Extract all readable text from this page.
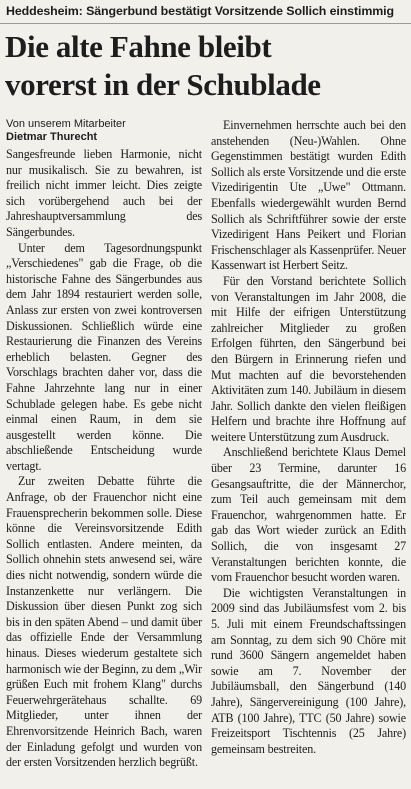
Heddesheim: Sängerbund bestätigt Vorsitzende Sollich einstimmig
Die alte Fahne bleibt
vorerst in der Schublade
Von unserem Mitarbeiter
Dietmar Thurecht

Sangesfreunde lieben Harmonie, nicht nur musikalisch. Sie zu bewahren, ist freilich nicht immer leicht. Dies zeigte sich vorübergehend auch bei der Jahreshauptversammlung des Sängerbundes.

Unter dem Tagesordnungspunkt „Verschiedenes" gab die Frage, ob die historische Fahne des Sängerbundes aus dem Jahr 1894 restauriert werden solle, Anlass zur ersten von zwei kontroversen Diskussionen. Schließlich würde eine Restaurierung die Finanzen des Vereins erheblich belasten. Gegner des Vorschlags brachten daher vor, dass die Fahne Jahrzehnte lang nur in einer Schublade gelegen habe. Es gebe nicht einmal einen Raum, in dem sie ausgestellt werden könne. Die abschließende Entscheidung wurde vertagt.

Zur zweiten Debatte führte die Anfrage, ob der Frauenchor nicht eine Frauensprecherin bekommen solle. Diese könne die Vereinsvorsitzende Edith Sollich entlasten. Andere meinten, da Sollich ohnehin stets anwesend sei, wäre dies nicht notwendig, sondern würde die Instanzenkette nur verlängern. Die Diskussion über diesen Punkt zog sich bis in den späten Abend – und damit über das offizielle Ende der Versammlung hinaus. Dieses wiederum gestaltete sich harmonisch wie der Beginn, zu dem „Wir grüßen Euch mit frohem Klang" durchs Feuerwehrgerätehaus schallte. 69 Mitglieder, unter ihnen der Ehrenvorsitzende Heinrich Bach, waren der Einladung gefolgt und wurden von der ersten Vorsitzenden herzlich begrüßt.

Einvernehmen herrschte auch bei den anstehenden (Neu-)Wahlen. Ohne Gegenstimmen bestätigt wurden Edith Sollich als erste Vorsitzende und die erste Vizedirigentin Ute „Uwe" Ottmann. Ebenfalls wiedergewählt wurden Bernd Sollich als Schriftführer sowie der erste Vizedirigent Hans Peikert und Florian Frischenschlager als Kassenprüfer. Neuer Kassenwart ist Herbert Seitz.

Für den Vorstand berichtete Sollich von Veranstaltungen im Jahr 2008, die mit Hilfe der eifrigen Unterstützung zahlreicher Mitglieder zu großen Erfolgen führten, den Sängerbund bei den Bürgern in Erinnerung riefen und Mut machten auf die bevorstehenden Aktivitäten zum 140. Jubiläum in diesem Jahr. Sollich dankte den vielen fleißigen Helfern und brachte ihre Hoffnung auf weitere Unterstützung zum Ausdruck.

Anschließend berichtete Klaus Demel über 23 Termine, darunter 16 Gesangsauftritte, die der Männerchor, zum Teil auch gemeinsam mit dem Frauenchor, wahrgenommen hatte. Er gab das Wort wieder zurück an Edith Sollich, die von insgesamt 27 Veranstaltungen berichten konnte, die vom Frauenchor besucht worden waren.

Die wichtigsten Veranstaltungen in 2009 sind das Jubiläumsfest vom 2. bis 5. Juli mit einem Freundschaftssingen am Sonntag, zu dem sich 90 Chöre mit rund 3600 Sängern angemeldet haben sowie am 7. November der Jubiläumsball, den Sängerbund (140 Jahre), Sängervereinigung (100 Jahre), ATB (100 Jahre), TTC (50 Jahre) sowie Freizeitsport Tischtennis (25 Jahre) gemeinsam bestreiten.
